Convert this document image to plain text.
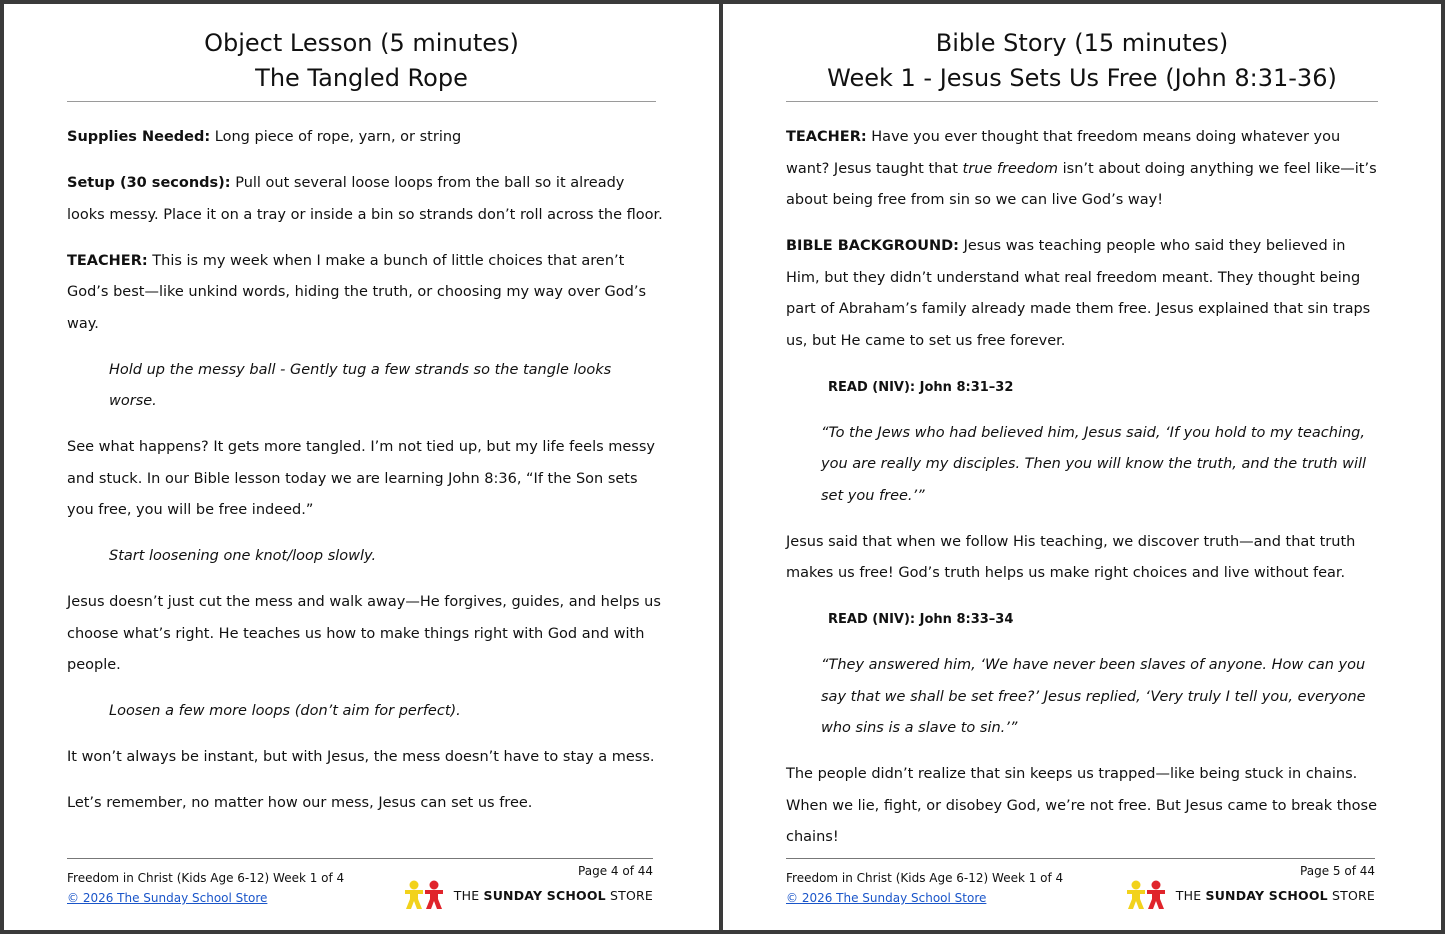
Object Lesson (5 minutes)
The Tangled Rope

Supplies Needed: Long piece of rope, yarn, or string

Setup (30 seconds): Pull out several loose loops from the ball so it already looks messy. Place it on a tray or inside a bin so strands don’t roll across the floor.

TEACHER: This is my week when I make a bunch of little choices that aren’t God’s best—like unkind words, hiding the truth, or choosing my way over God’s way.

Hold up the messy ball - Gently tug a few strands so the tangle looks worse.

See what happens? It gets more tangled. I’m not tied up, but my life feels messy and stuck. In our Bible lesson today we are learning John 8:36, “If the Son sets you free, you will be free indeed.”

Start loosening one knot/loop slowly.

Jesus doesn’t just cut the mess and walk away—He forgives, guides, and helps us choose what’s right. He teaches us how to make things right with God and with people.

Loosen a few more loops (don’t aim for perfect).

It won’t always be instant, but with Jesus, the mess doesn’t have to stay a mess.

Let’s remember, no matter how our mess, Jesus can set us free.

Freedom in Christ (Kids Age 6-12) Week 1 of 4
© 2026 The Sunday School Store
Page 4 of 44
THE SUNDAY SCHOOL STORE
Bible Story (15 minutes)
Week 1 - Jesus Sets Us Free (John 8:31-36)

TEACHER: Have you ever thought that freedom means doing whatever you want? Jesus taught that true freedom isn’t about doing anything we feel like—it’s about being free from sin so we can live God’s way!

BIBLE BACKGROUND: Jesus was teaching people who said they believed in Him, but they didn’t understand what real freedom meant. They thought being part of Abraham’s family already made them free. Jesus explained that sin traps us, but He came to set us free forever.

READ (NIV): John 8:31–32

“To the Jews who had believed him, Jesus said, ‘If you hold to my teaching, you are really my disciples. Then you will know the truth, and the truth will set you free.’”

Jesus said that when we follow His teaching, we discover truth—and that truth makes us free! God’s truth helps us make right choices and live without fear.

READ (NIV): John 8:33–34

“They answered him, ‘We have never been slaves of anyone. How can you say that we shall be set free?’ Jesus replied, ‘Very truly I tell you, everyone who sins is a slave to sin.’”

The people didn’t realize that sin keeps us trapped—like being stuck in chains. When we lie, fight, or disobey God, we’re not free. But Jesus came to break those chains!

Freedom in Christ (Kids Age 6-12) Week 1 of 4
© 2026 The Sunday School Store
Page 5 of 44
THE SUNDAY SCHOOL STORE
